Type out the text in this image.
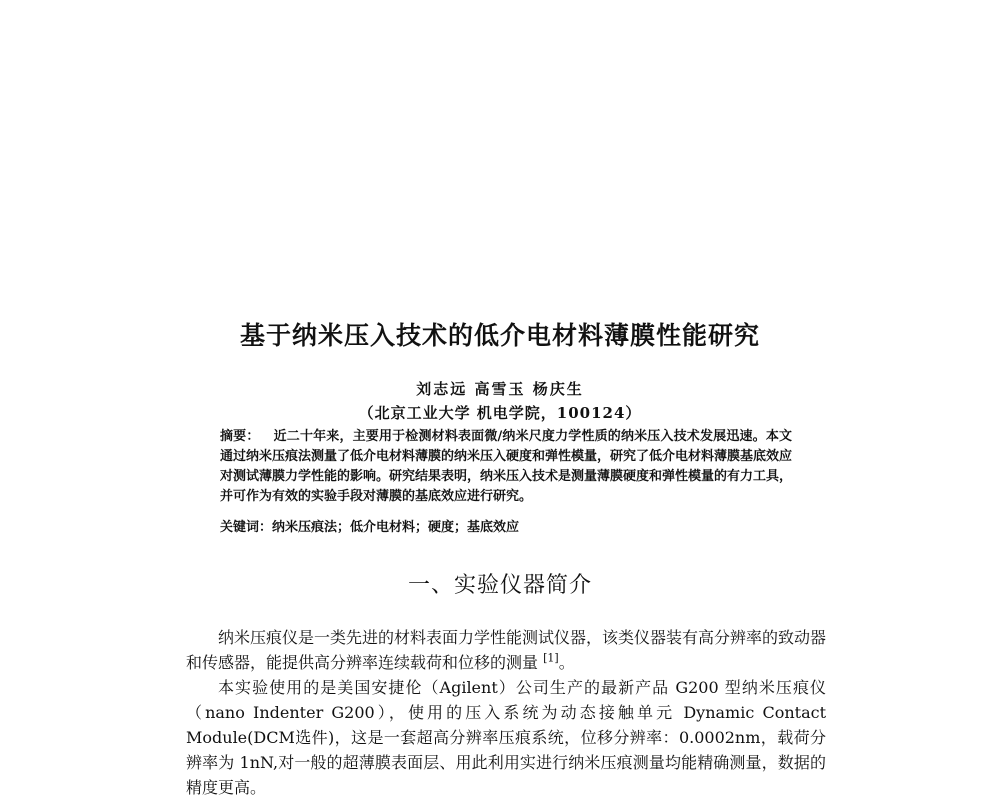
基于纳米压入技术的低介电材料薄膜性能研究
刘志远 高雪玉 杨庆生
（北京工业大学 机电学院，100124）
摘要： 近二十年来，主要用于检测材料表面微/纳米尺度力学性质的纳米压入技术发展迅速。本文通过纳米压痕法测量了低介电材料薄膜的纳米压入硬度和弹性模量，研究了低介电材料薄膜基底效应对测试薄膜力学性能的影响。研究结果表明，纳米压入技术是测量薄膜硬度和弹性模量的有力工具，并可作为有效的实验手段对薄膜的基底效应进行研究。
关键词：纳米压痕法；低介电材料；硬度；基底效应
一、实验仪器简介

纳米压痕仪是一类先进的材料表面力学性能测试仪器，该类仪器装有高分辨率的致动器和传感器，能提供高分辨率连续载荷和位移的测量 [1]。

本实验使用的是美国安捷伦（Agilent）公司生产的最新产品 G200 型纳米压痕仪（nano Indenter G200），使用的压入系统为动态接触单元 Dynamic Contact Module(DCM选件)，这是一套超高分辨率压痕系统，位移分辨率：0.0002nm，载荷分辨率为 1nN,对一般的超薄膜表面层、用此利用实进行纳米压痕测量均能精确测量，数据的精度更高。
